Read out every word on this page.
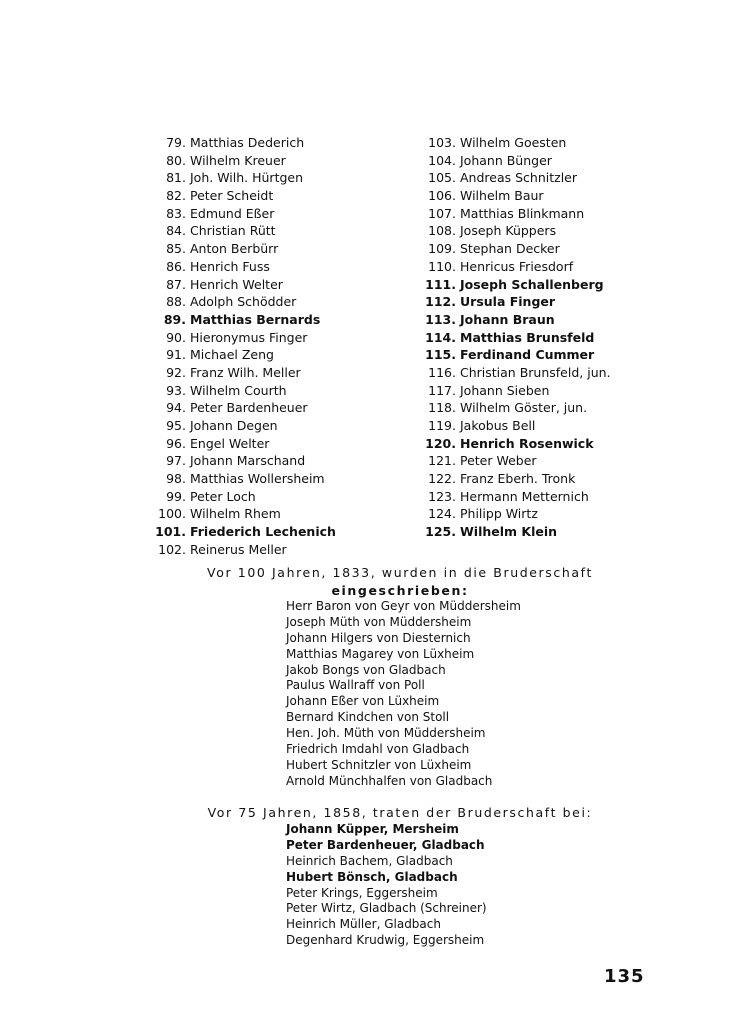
79. Matthias Dederich
80. Wilhelm Kreuer
81. Joh. Wilh. Hürtgen
82. Peter Scheidt
83. Edmund Eßer
84. Christian Rütt
85. Anton Berbürr
86. Henrich Fuss
87. Henrich Welter
88. Adolph Schödder
89. Matthias Bernards
90. Hieronymus Finger
91. Michael Zeng
92. Franz Wilh. Meller
93. Wilhelm Courth
94. Peter Bardenheuer
95. Johann Degen
96. Engel Welter
97. Johann Marschand
98. Matthias Wollersheim
99. Peter Loch
100. Wilhelm Rhem
101. Friederich Lechenich
102. Reinerus Meller
103. Wilhelm Goesten
104. Johann Bünger
105. Andreas Schnitzler
106. Wilhelm Baur
107. Matthias Blinkmann
108. Joseph Küppers
109. Stephan Decker
110. Henricus Friesdorf
111. Joseph Schallenberg
112. Ursula Finger
113. Johann Braun
114. Matthias Brunsfeld
115. Ferdinand Cummer
116. Christian Brunsfeld, jun.
117. Johann Sieben
118. Wilhelm Göster, jun.
119. Jakobus Bell
120. Henrich Rosenwick
121. Peter Weber
122. Franz Eberh. Tronk
123. Hermann Metternich
124. Philipp Wirtz
125. Wilhelm Klein
Vor 100 Jahren, 1833, wurden in die Bruderschaft
eingeschrieben:
Herr Baron von Geyr von Müddersheim
Joseph Müth von Müddersheim
Johann Hilgers von Diesternich
Matthias Magarey von Lüxheim
Jakob Bongs von Gladbach
Paulus Wallraff von Poll
Johann Eßer von Lüxheim
Bernard Kindchen von Stoll
Hen. Joh. Müth von Müddersheim
Friedrich Imdahl von Gladbach
Hubert Schnitzler von Lüxheim
Arnold Münchhalfen von Gladbach
Vor 75 Jahren, 1858, traten der Bruderschaft bei:
Johann Küpper, Mersheim
Peter Bardenheuer, Gladbach
Heinrich Bachem, Gladbach
Hubert Bönsch, Gladbach
Peter Krings, Eggersheim
Peter Wirtz, Gladbach (Schreiner)
Heinrich Müller, Gladbach
Degenhard Krudwig, Eggersheim
135
